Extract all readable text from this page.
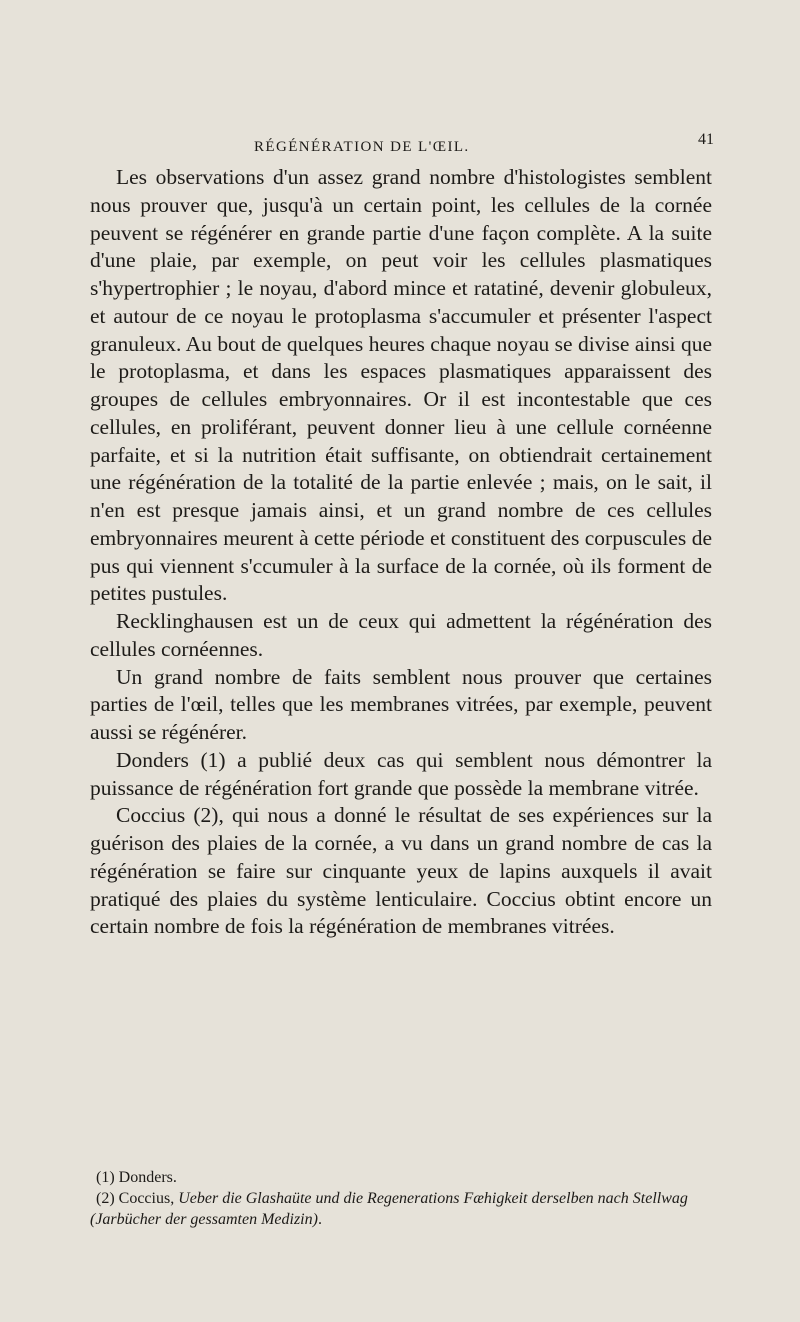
RÉGÉNÉRATION DE L'ŒIL.	41

Les observations d'un assez grand nombre d'histologistes semblent nous prouver que, jusqu'à un certain point, les cellules de la cornée peuvent se régénérer en grande partie d'une façon complète. A la suite d'une plaie, par exemple, on peut voir les cellules plasmatiques s'hypertrophier ; le noyau, d'abord mince et ratatiné, devenir globuleux, et autour de ce noyau le protoplasma s'accumuler et présenter l'aspect granuleux. Au bout de quelques heures chaque noyau se divise ainsi que le protoplasma, et dans les espaces plasmatiques apparaissent des groupes de cellules embryonnaires. Or il est incontestable que ces cellules, en proliférant, peuvent donner lieu à une cellule cornéenne parfaite, et si la nutrition était suffisante, on obtiendrait certainement une régénération de la totalité de la partie enlevée ; mais, on le sait, il n'en est presque jamais ainsi, et un grand nombre de ces cellules embryonnaires meurent à cette période et constituent des corpuscules de pus qui viennent s'ccumuler à la surface de la cornée, où ils forment de petites pustules.

Recklinghausen est un de ceux qui admettent la régénération des cellules cornéennes.

Un grand nombre de faits semblent nous prouver que certaines parties de l'œil, telles que les membranes vitrées, par exemple, peuvent aussi se régénérer.

Donders (1) a publié deux cas qui semblent nous démontrer la puissance de régénération fort grande que possède la membrane vitrée.

Coccius (2), qui nous a donné le résultat de ses expériences sur la guérison des plaies de la cornée, a vu dans un grand nombre de cas la régénération se faire sur cinquante yeux de lapins auxquels il avait pratiqué des plaies du système lenticulaire. Coccius obtint encore un certain nombre de fois la régénération de membranes vitrées.

(1) Donders.

(2) Coccius, Ueber die Glashaüte und die Regenerations Fæhigkeit derselben nach Stellwag (Jarbücher der gessamten Medizin).
